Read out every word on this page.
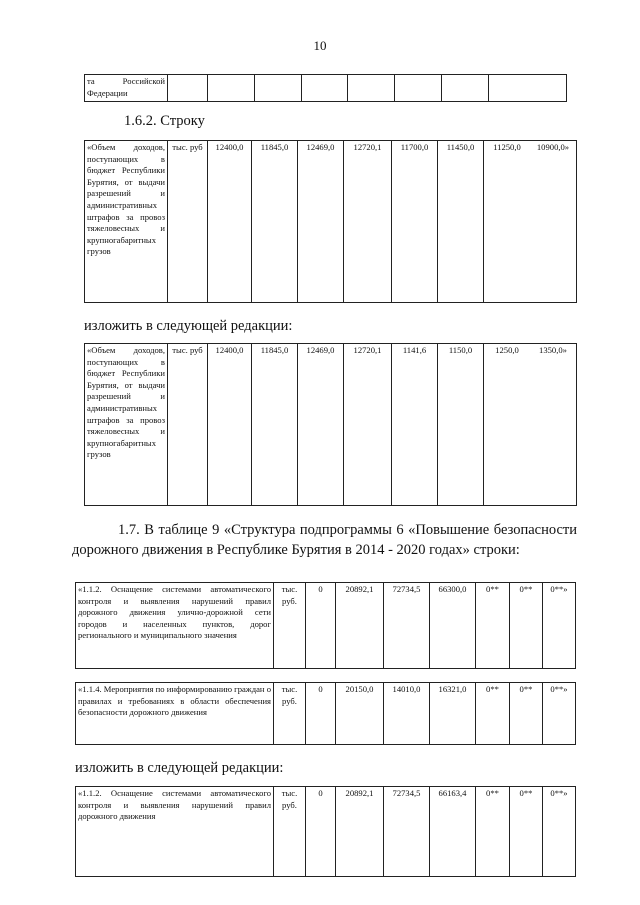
10
та Российской Федерации								
1.6.2. Строку
«Объем доходов, поступающих в бюджет Республики Бурятия, от выдачи разрешений и административных штрафов за провоз тяжеловесных и крупногабаритных грузов	тыс. руб	12400,0	11845,0	12469,0	12720,1	11700,0	11450,0	11250,0	10900,0»
изложить в следующей редакции:
«Объем доходов, поступающих в бюджет Республики Бурятия, от выдачи разрешений и административных штрафов за провоз тяжеловесных и крупногабаритных грузов	тыс. руб	12400,0	11845,0	12469,0	12720,1	1141,6	1150,0	1250,0	1350,0»
1.7. В таблице 9 «Структура подпрограммы 6 «Повышение безопасности дорожного движения в Республике Бурятия в 2014 - 2020 годах» строки:
«1.1.2. Оснащение системами автоматического контроля и выявления нарушений правил дорожного движения улично-дорожной сети городов и населенных пунктов, дорог регионального и муниципального значения	тыс. руб.	0	20892,1	72734,5	66300,0	0**	0**	0**»
«1.1.4. Мероприятия по информированию граждан о правилах и требованиях в области обеспечения безопасности дорожного движения	тыс. руб.	0	20150,0	14010,0	16321,0	0**	0**	0**»
изложить в следующей редакции:
«1.1.2. Оснащение системами автоматического контроля и выявления нарушений правил дорожного движения	тыс. руб.	0	20892,1	72734,5	66163,4	0**	0**	0**»
